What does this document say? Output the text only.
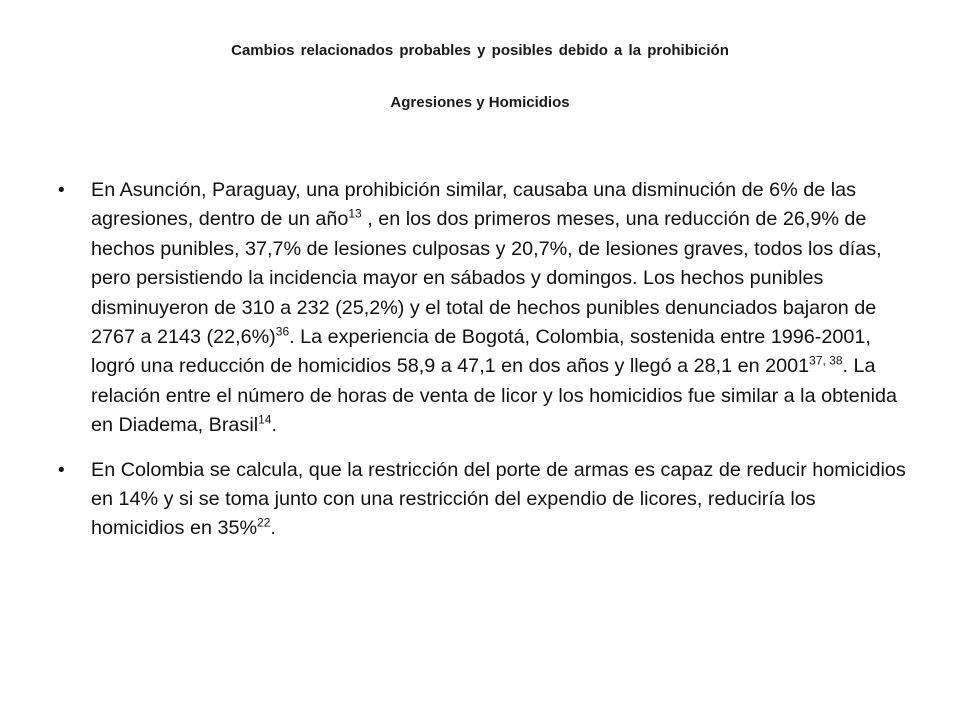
Cambios relacionados probables y posibles debido a la prohibición

Agresiones y Homicidios

• En Asunción, Paraguay, una prohibición similar, causaba una disminución de 6% de las agresiones, dentro de un año$^{13}$ , en los dos primeros meses, una reducción de 26,9% de hechos punibles, 37,7% de lesiones culposas y 20,7%, de lesiones graves, todos los días, pero persistiendo la incidencia mayor en sábados y domingos. Los hechos punibles disminuyeron de 310 a 232 (25,2%) y el total de hechos punibles denunciados bajaron de 2767 a 2143 $(22,6\%)^{36}$. La experiencia de Bogotá, Colombia, sostenida entre 1996-2001, logró una reducción de homicidios 58,9 a 47,1 en dos años y llegó a 28,1 en 2001$^{37, 38}$. La relación entre el número de horas de venta de licor y los homicidios fue similar a la obtenida en Diadema, Brasil$^{14}$.
• En Colombia se calcula, que la restricción del porte de armas es capaz de reducir homicidios en 14% y si se toma junto con una restricción del expendio de licores, reduciría los homicidios en 35%$^{22}$.
